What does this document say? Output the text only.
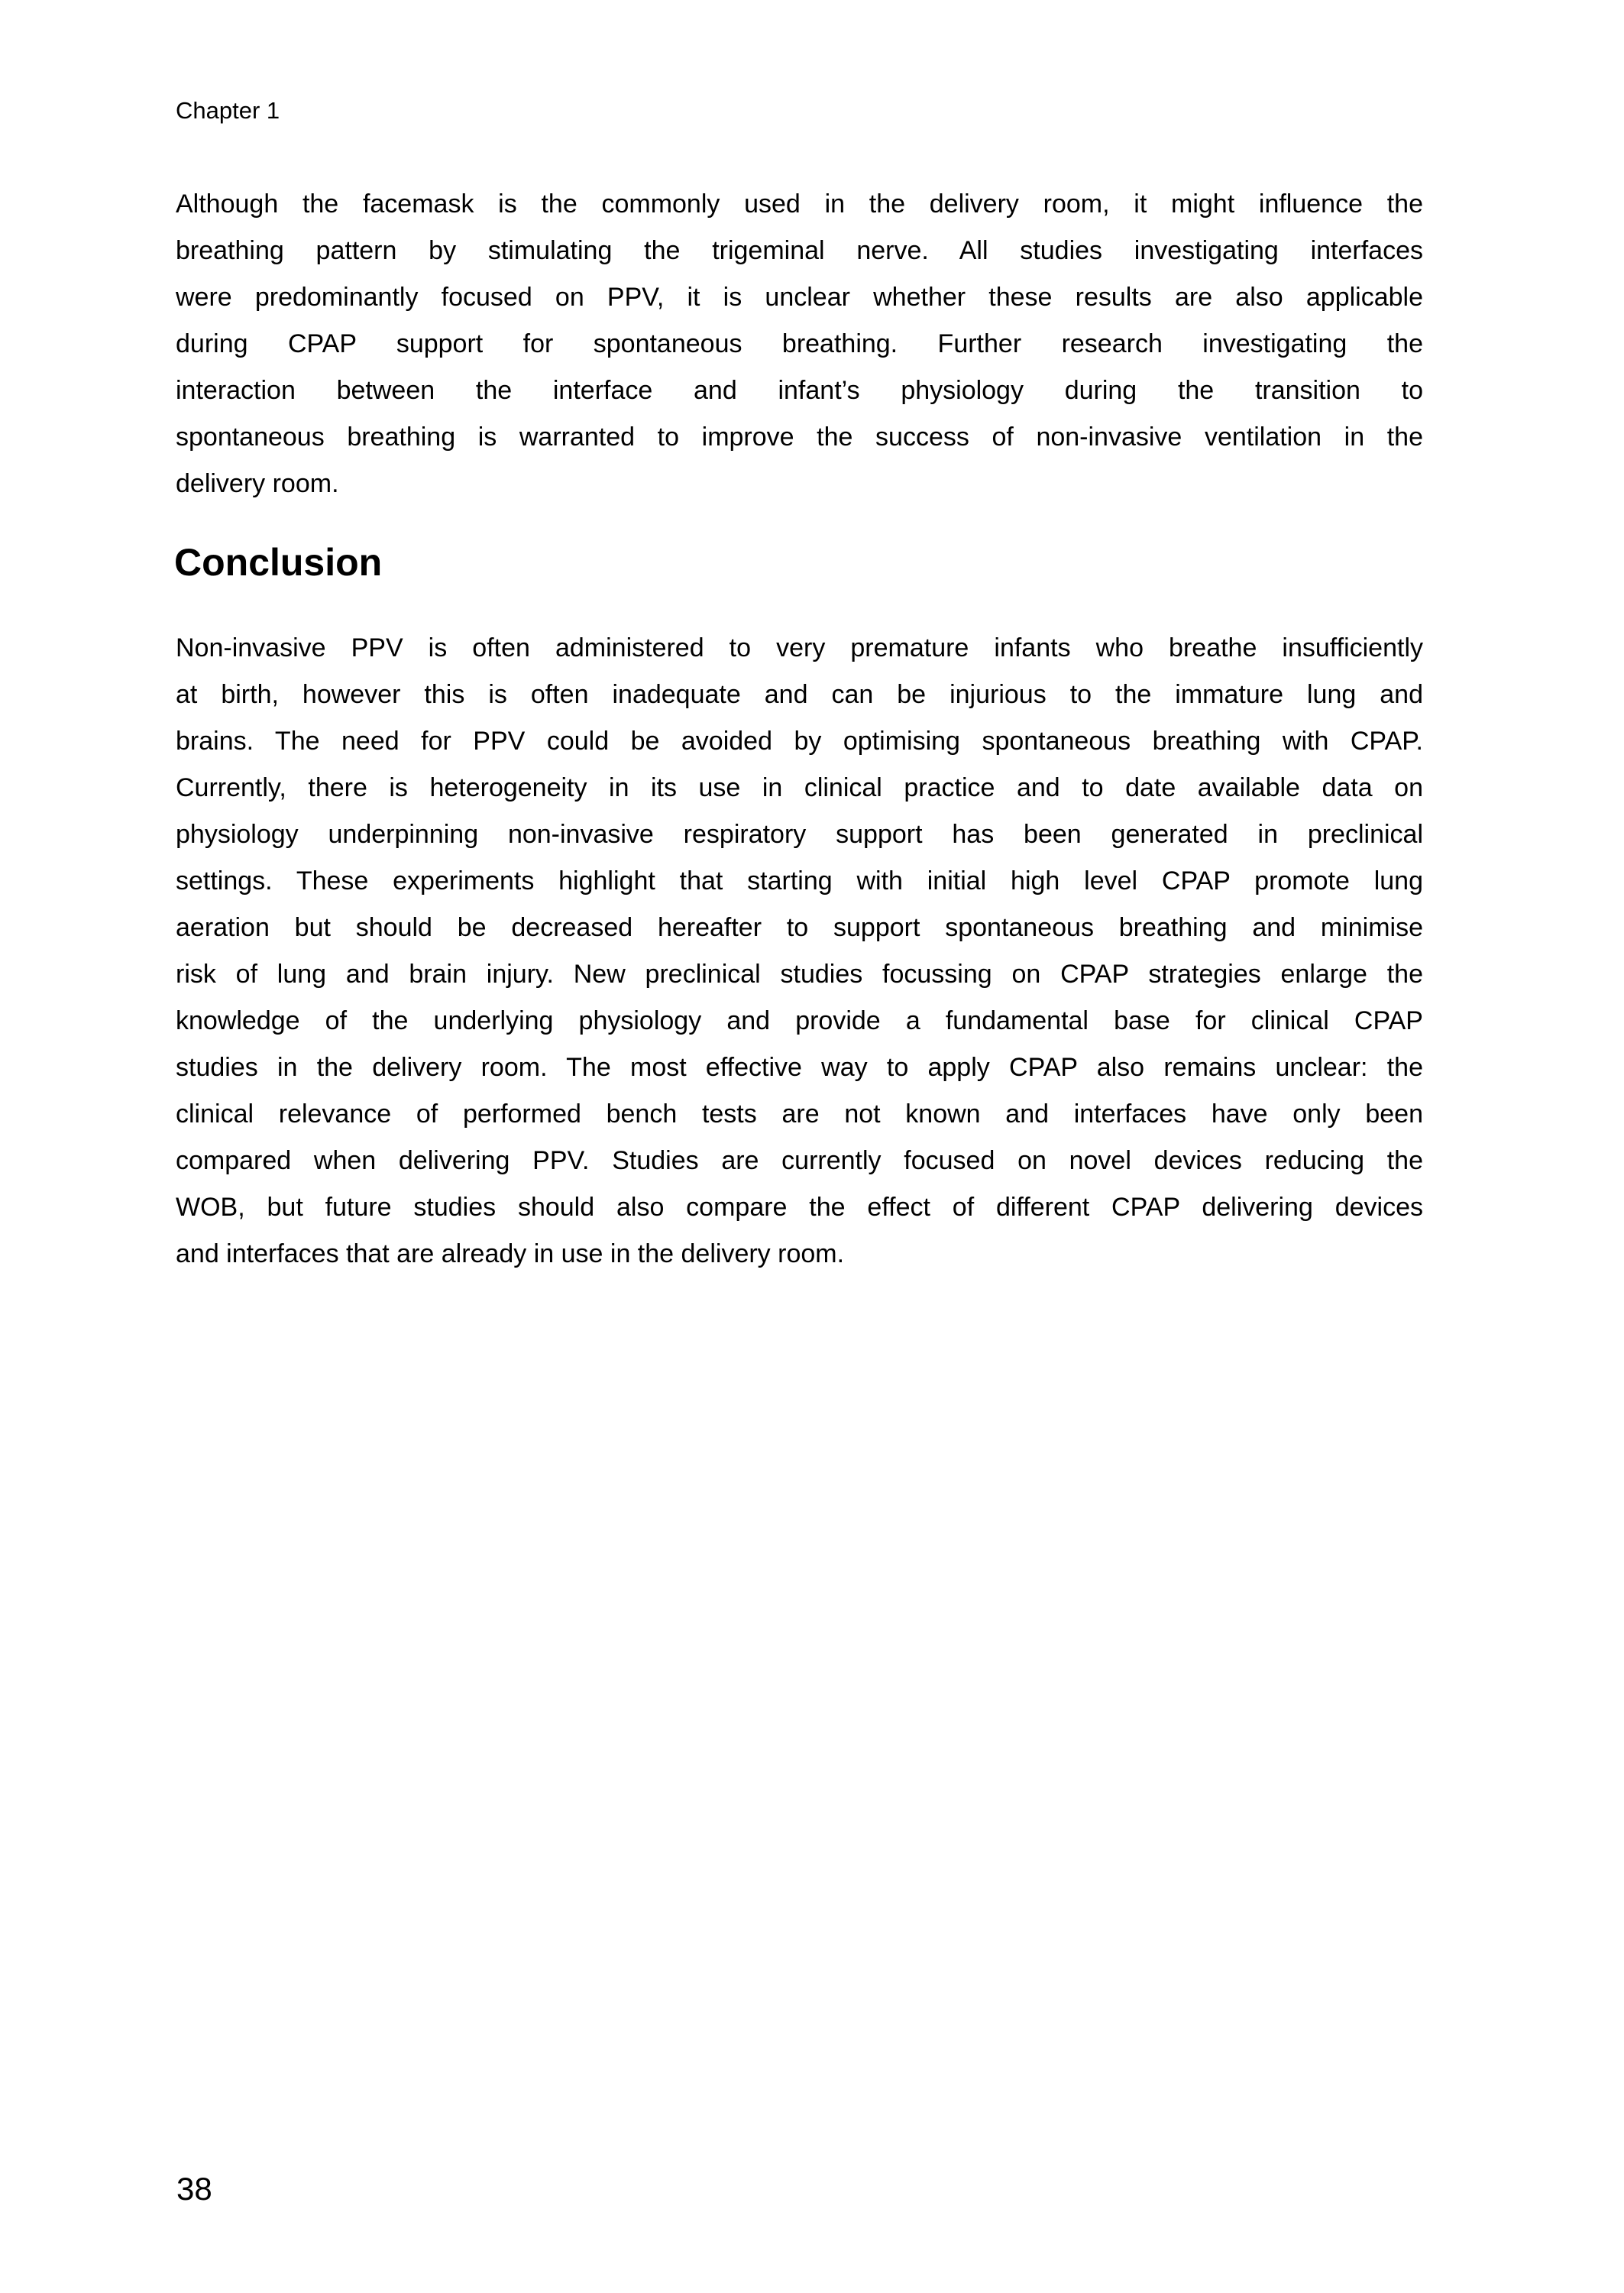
Chapter 1
Although the facemask is the commonly used in the delivery room, it might influence the
breathing pattern by stimulating the trigeminal nerve. All studies investigating interfaces
were predominantly focused on PPV, it is unclear whether these results are also applicable
during CPAP support for spontaneous breathing. Further research investigating the
interaction between the interface and infant’s physiology during the transition to
spontaneous breathing is warranted to improve the success of non-invasive ventilation in the
delivery room.
Conclusion
Non-invasive PPV is often administered to very premature infants who breathe insufficiently
at birth, however this is often inadequate and can be injurious to the immature lung and
brains. The need for PPV could be avoided by optimising spontaneous breathing with CPAP.
Currently, there is heterogeneity in its use in clinical practice and to date available data on
physiology underpinning non-invasive respiratory support has been generated in preclinical
settings. These experiments highlight that starting with initial high level CPAP promote lung
aeration but should be decreased hereafter to support spontaneous breathing and minimise
risk of lung and brain injury. New preclinical studies focussing on CPAP strategies enlarge the
knowledge of the underlying physiology and provide a fundamental base for clinical CPAP
studies in the delivery room. The most effective way to apply CPAP also remains unclear: the
clinical relevance of performed bench tests are not known and interfaces have only been
compared when delivering PPV. Studies are currently focused on novel devices reducing the
WOB, but future studies should also compare the effect of different CPAP delivering devices
and interfaces that are already in use in the delivery room.
38
